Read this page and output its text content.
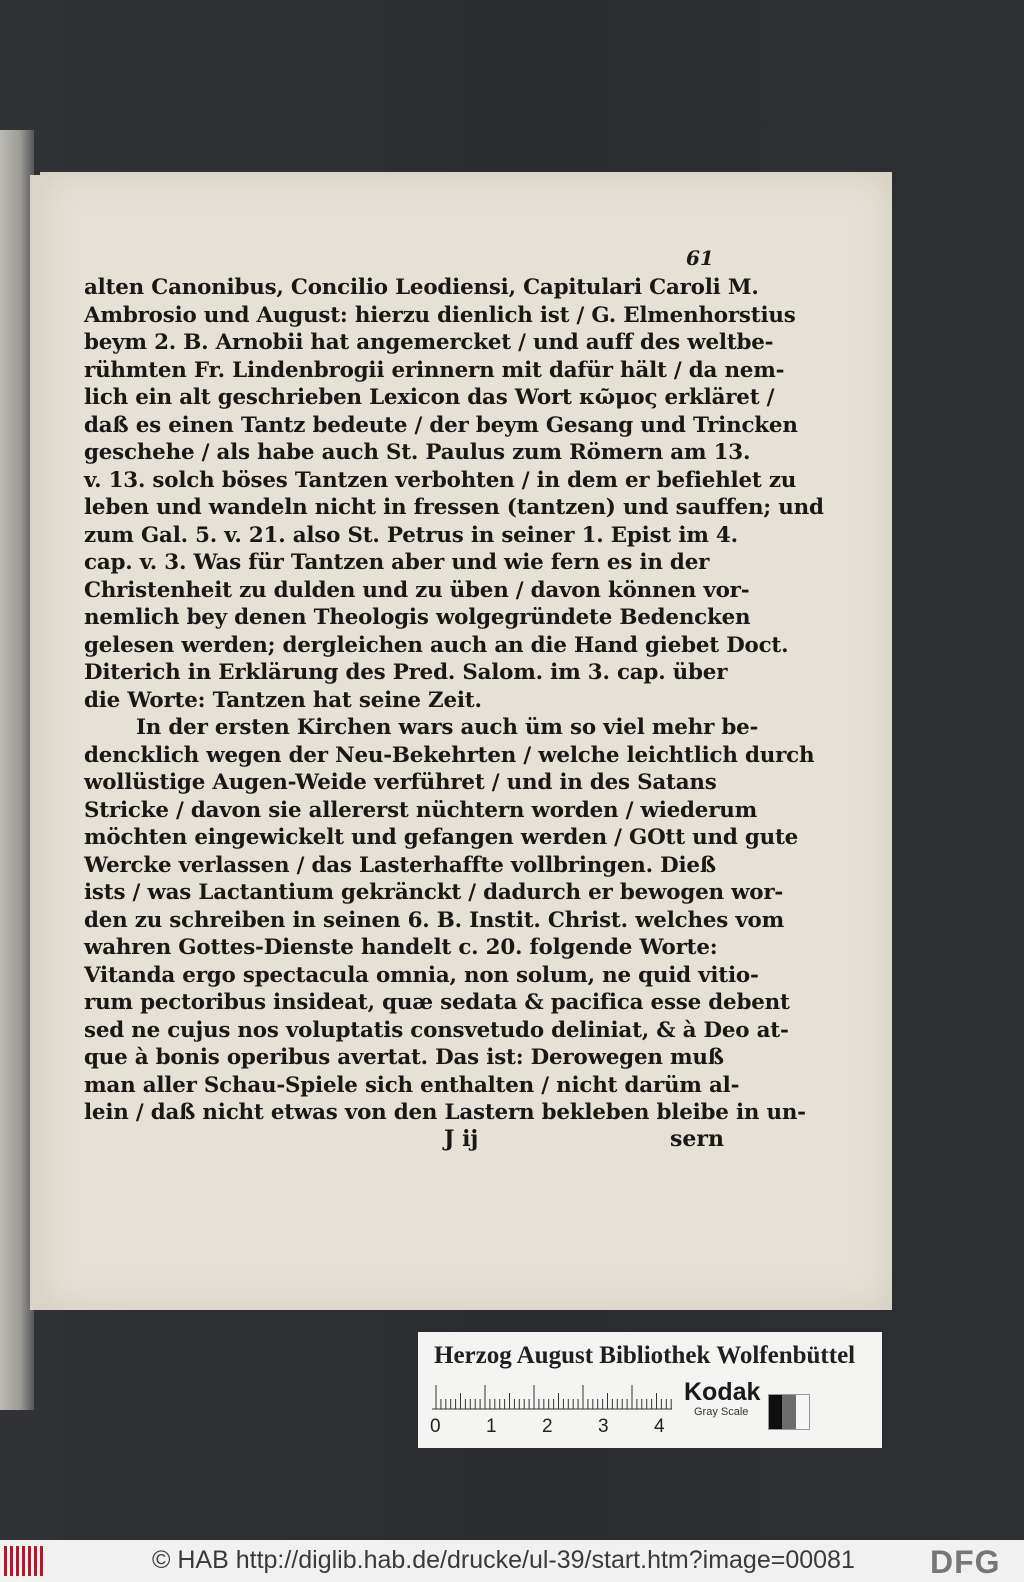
61
alten Canonibus, Concilio Leodiensi, Capitulari Caroli M.
Ambrosio und August: hierzu dienlich ist / G. Elmenhorstius
beym 2. B. Arnobii hat angemercket / und auff des weltbe-
rühmten Fr. Lindenbrogii erinnern mit dafür hält / da nem-
lich ein alt geschrieben Lexicon das Wort κῶμος erkläret /
daß es einen Tantz bedeute / der beym Gesang und Trincken
geschehe / als habe auch St. Paulus zum Römern am 13.
v. 13. solch böses Tantzen verbohten / in dem er befiehlet zu
leben und wandeln nicht in fressen (tantzen) und sauffen; und
zum Gal. 5. v. 21. also St. Petrus in seiner 1. Epist im 4.
cap. v. 3. Was für Tantzen aber und wie fern es in der
Christenheit zu dulden und zu üben / davon können vor-
nemlich bey denen Theologis wolgegründete Bedencken
gelesen werden; dergleichen auch an die Hand giebet Doct.
Diterich in Erklärung des Pred. Salom. im 3. cap. über
die Worte: Tantzen hat seine Zeit.
In der ersten Kirchen wars auch üm so viel mehr be-
dencklich wegen der Neu-Bekehrten / welche leichtlich durch
wollüstige Augen-Weide verführet / und in des Satans
Stricke / davon sie allererst nüchtern worden / wiederum
möchten eingewickelt und gefangen werden / GOtt und gute
Wercke verlassen / das Lasterhaffte vollbringen. Dieß
ists / was Lactantium gekränckt / dadurch er bewogen wor-
den zu schreiben in seinen 6. B. Instit. Christ. welches vom
wahren Gottes-Dienste handelt c. 20. folgende Worte:
Vitanda ergo spectacula omnia, non solum, ne quid vitio-
rum pectoribus insideat, quæ sedata & pacifica esse debent
sed ne cujus nos voluptatis consvetudo deliniat, & à Deo at-
que à bonis operibus avertat. Das ist: Derowegen muß
man aller Schau-Spiele sich enthalten / nicht darüm al-
lein / daß nicht etwas von den Lastern bekleben bleibe in un-
J ij	sern
Herzog August Bibliothek Wolfenbüttel
0 1 2 3 4
Kodak
Gray Scale
© HAB http://diglib.hab.de/drucke/ul-39/start.htm?image=00081 DFG
